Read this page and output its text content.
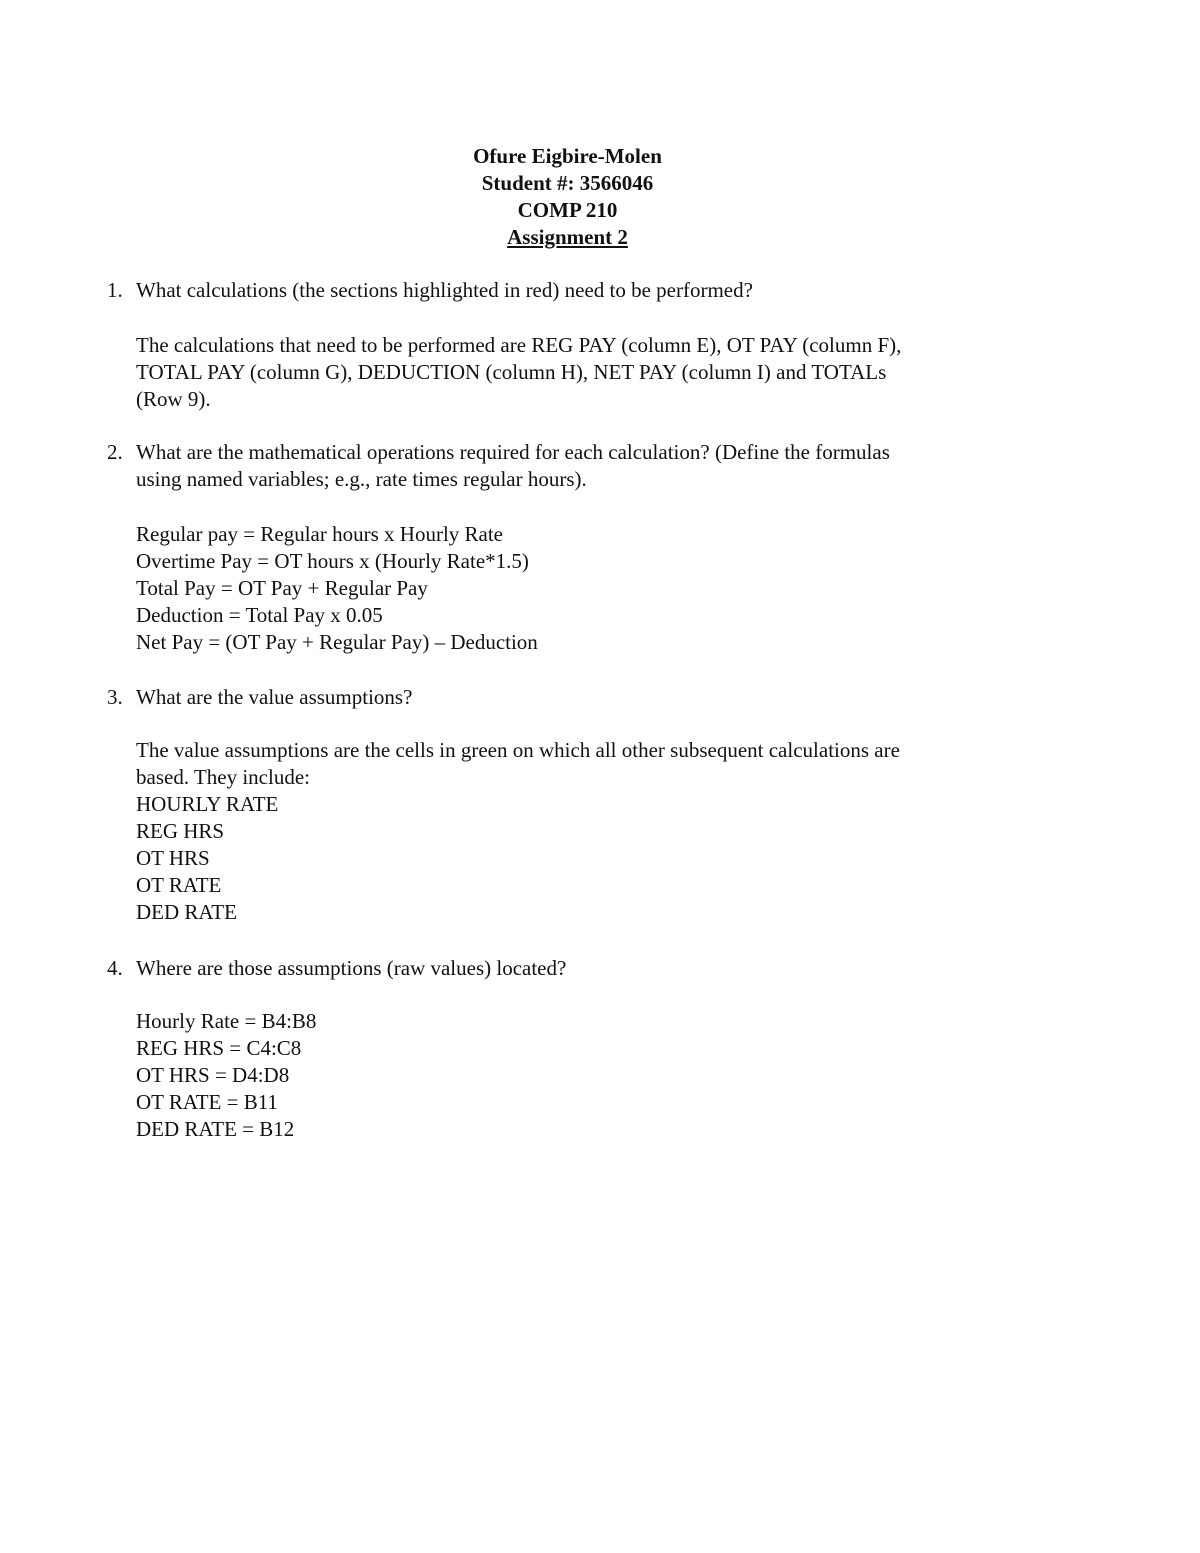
Ofure Eigbire-Molen
Student #: 3566046
COMP 210
Assignment 2
1. What calculations (the sections highlighted in red) need to be performed?
The calculations that need to be performed are REG PAY (column E), OT PAY (column F),
TOTAL PAY (column G), DEDUCTION (column H), NET PAY (column I) and TOTALs
(Row 9).
2. What are the mathematical operations required for each calculation? (Define the formulas
using named variables; e.g., rate times regular hours).
Regular pay = Regular hours x Hourly Rate
Overtime Pay = OT hours x (Hourly Rate*1.5)
Total Pay = OT Pay + Regular Pay
Deduction = Total Pay x 0.05
Net Pay = (OT Pay + Regular Pay) – Deduction
3. What are the value assumptions?
The value assumptions are the cells in green on which all other subsequent calculations are
based. They include:
HOURLY RATE
REG HRS
OT HRS
OT RATE
DED RATE
4. Where are those assumptions (raw values) located?
Hourly Rate = B4:B8
REG HRS = C4:C8
OT HRS = D4:D8
OT RATE = B11
DED RATE = B12
